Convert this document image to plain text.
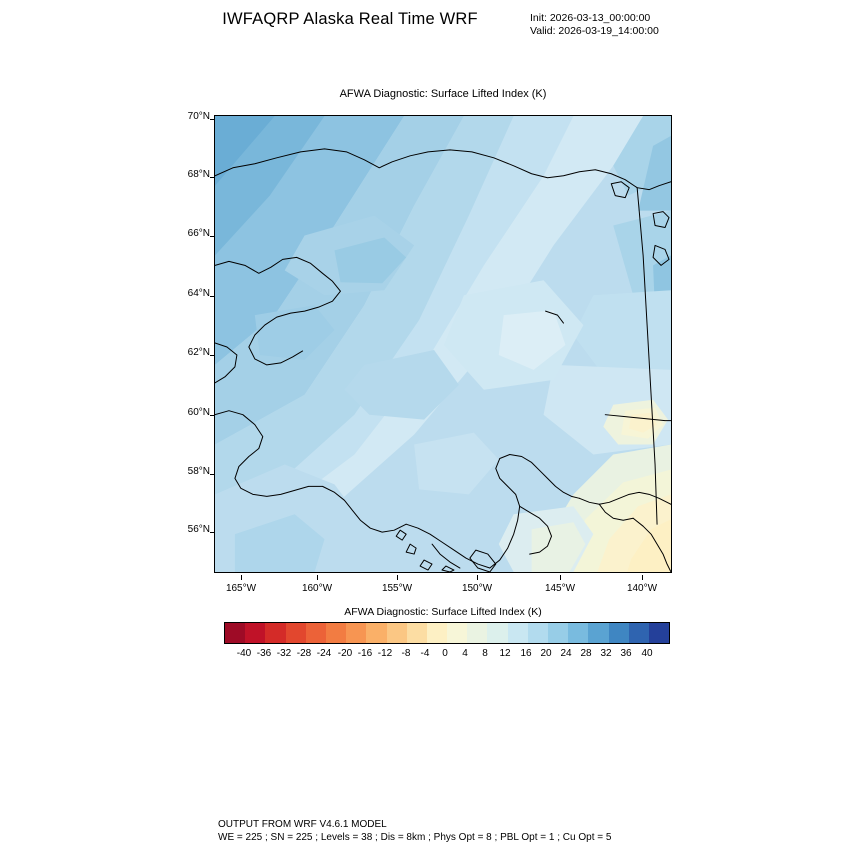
IWFAQRP Alaska Real Time WRF	Init: 2026-03-13_00:00:00
Valid: 2026-03-19_14:00:00
AFWA Diagnostic: Surface Lifted Index (K)
70°N
68°N
66°N
64°N
62°N
60°N
58°N
56°N
165°W	160°W	155°W	150°W	145°W	140°W
AFWA Diagnostic: Surface Lifted Index (K)
-40 -36 -32 -28 -24 -20 -16 -12 -8	-4	0	4	8	12 16 20 24 28 32 36 40
OUTPUT FROM WRF V4.6.1 MODEL
WE = 225 ; SN = 225 ; Levels = 38 ; Dis = 8km ; Phys Opt = 8 ; PBL Opt = 1 ; Cu Opt = 5
